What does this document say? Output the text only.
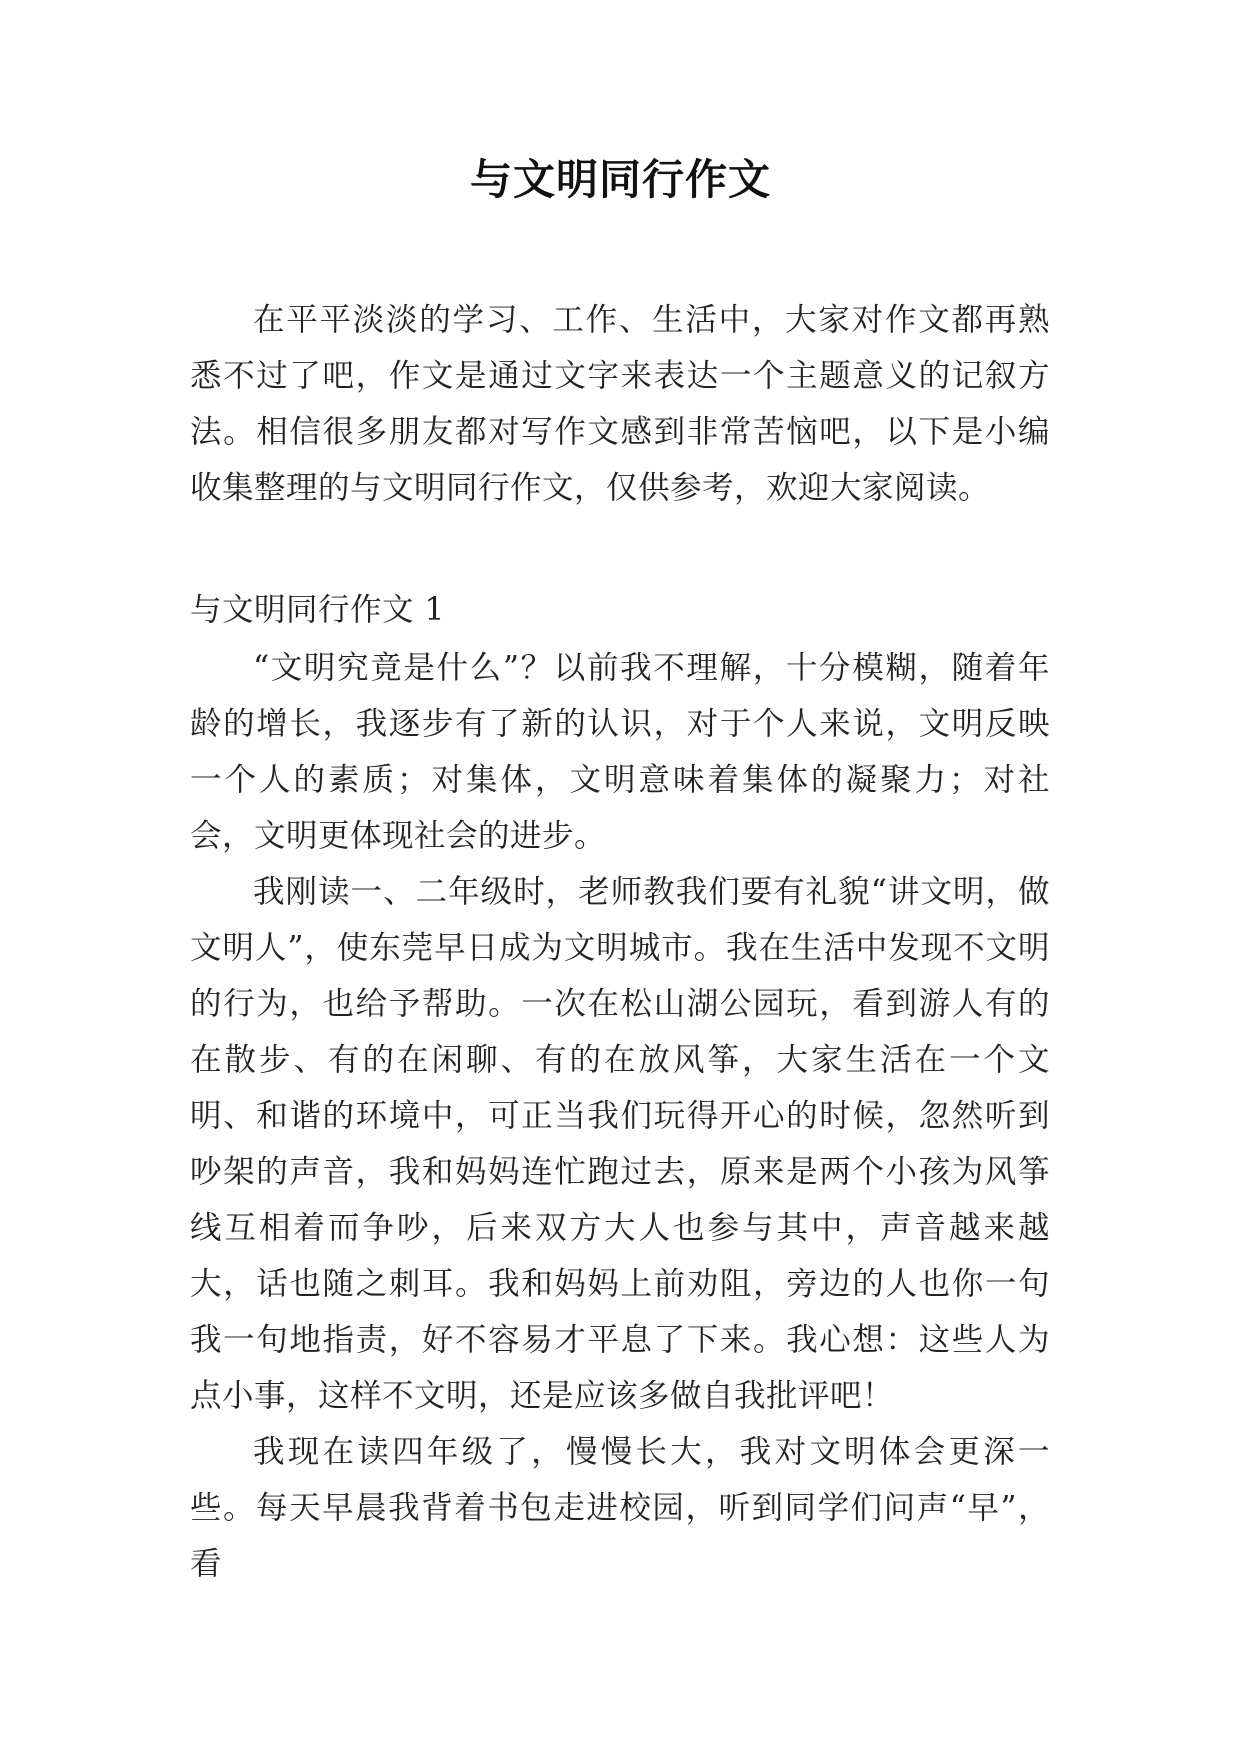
与文明同行作文

在平平淡淡的学习、工作、生活中，大家对作文都再熟悉不过了吧，作文是通过文字来表达一个主题意义的记叙方法。相信很多朋友都对写作文感到非常苦恼吧，以下是小编收集整理的与文明同行作文，仅供参考，欢迎大家阅读。

与文明同行作文 1

“文明究竟是什么”？以前我不理解，十分模糊，随着年龄的增长，我逐步有了新的认识，对于个人来说，文明反映一个人的素质；对集体，文明意味着集体的凝聚力；对社会，文明更体现社会的进步。

我刚读一、二年级时，老师教我们要有礼貌“讲文明，做文明人”，使东莞早日成为文明城市。我在生活中发现不文明的行为，也给予帮助。一次在松山湖公园玩，看到游人有的在散步、有的在闲聊、有的在放风筝，大家生活在一个文明、和谐的环境中，可正当我们玩得开心的时候，忽然听到吵架的声音，我和妈妈连忙跑过去，原来是两个小孩为风筝线互相着而争吵，后来双方大人也参与其中，声音越来越大，话也随之刺耳。我和妈妈上前劝阻，旁边的人也你一句我一句地指责，好不容易才平息了下来。我心想：这些人为点小事，这样不文明，还是应该多做自我批评吧！

我现在读四年级了，慢慢长大，我对文明体会更深一些。每天早晨我背着书包走进校园，听到同学们问声“早”，看
